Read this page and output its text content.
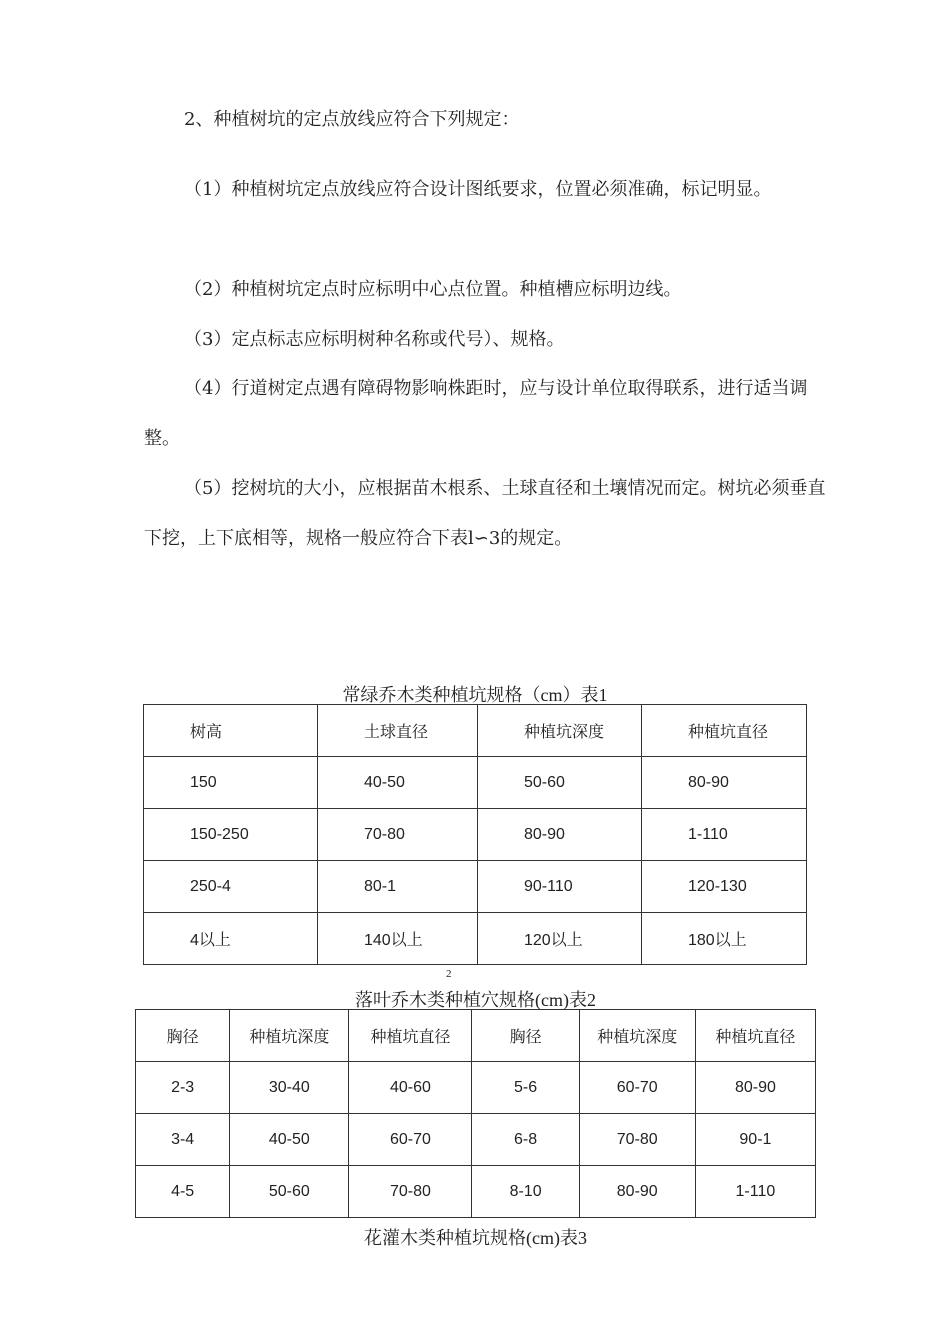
2、种植树坑的定点放线应符合下列规定：

（1）种植树坑定点放线应符合设计图纸要求，位置必须准确，标记明显。

（2）种植树坑定点时应标明中心点位置。种植槽应标明边线。

（3）定点标志应标明树种名称或代号）、规格。

（4）行道树定点遇有障碍物影响株距时，应与设计单位取得联系，进行适当调整。

（5）挖树坑的大小，应根据苗木根系、土球直径和土壤情况而定。树坑必须垂直下挖，上下底相等，规格一般应符合下表l∽3的规定。

常绿乔木类种植坑规格（cm）表1
树高	土球直径	种植坑深度	种植坑直径
150	40-50	50-60	80-90
150-250	70-80	80-90	1-110
250-4	80-1	90-110	120-130
4以上	140以上	120以上	180以上
2
落叶乔木类种植穴规格(cm)表2
胸径	种植坑深度	种植坑直径	胸径	种植坑深度	种植坑直径
2-3	30-40	40-60	5-6	60-70	80-90
3-4	40-50	60-70	6-8	70-80	90-1
4-5	50-60	70-80	8-10	80-90	1-110
花灌木类种植坑规格(cm)表3
